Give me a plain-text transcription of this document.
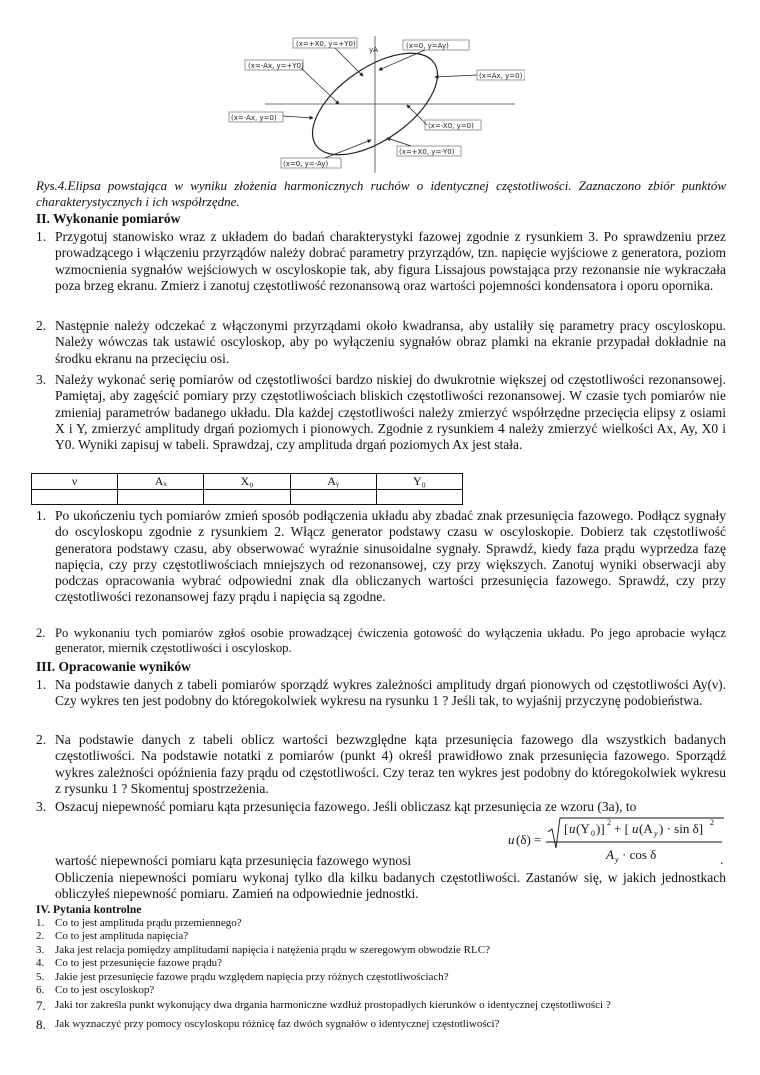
(x=+X0, y=+Y0)
yA	(x=0, y=Ay)
(x=-Ax, y=+Y0)
(x=Ax, y=0)
(x=-Ax, y=0)
(x=-X0, y=0)
(x=+X0, y=-Y0)
(x=0, y=-Ay)
Rys.4.Elipsa powstająca w wyniku złożenia harmonicznych ruchów o identycznej częstotliwości. Zaznaczono zbiór punktów charakterystycznych i ich współrzędne.
II. Wykonanie pomiarów
1. Przygotuj stanowisko wraz z układem do badań charakterystyki fazowej zgodnie z rysunkiem 3. Po sprawdzeniu przez prowadzącego i włączeniu przyrządów należy dobrać parametry przyrządów, tzn. napięcie wyjściowe z generatora, poziom wzmocnienia sygnałów wejściowych w oscyloskopie tak, aby figura Lissajous powstająca przy rezonansie nie wykraczała poza brzeg ekranu. Zmierz i zanotuj częstotliwość rezonansową oraz wartości pojemności kondensatora i oporu opornika.
2. Następnie należy odczekać z włączonymi przyrządami około kwadransa, aby ustaliły się parametry pracy oscyloskopu. Należy wówczas tak ustawić oscyloskop, aby po wyłączeniu sygnałów obraz plamki na ekranie przypadał dokładnie na środku ekranu na przecięciu osi.
3. Należy wykonać serię pomiarów od częstotliwości bardzo niskiej do dwukrotnie większej od częstotliwości rezonansowej. Pamiętaj, aby zagęścić pomiary przy częstotliwościach bliskich częstotliwości rezonansowej. W czasie tych pomiarów nie zmieniaj parametrów badanego układu. Dla każdej częstotliwości należy zmierzyć współrzędne przecięcia elipsy z osiami X i Y, zmierzyć amplitudy drgań poziomych i pionowych. Zgodnie z rysunkiem 4 należy zmierzyć wielkości Ax, Ay, X0 i Y0. Wyniki zapisuj w tabeli. Sprawdzaj, czy amplituda drgań poziomych Ax jest stała.
ν	Aₓ	X₀	Aᵧ	Y₀

1. Po ukończeniu tych pomiarów zmień sposób podłączenia układu aby zbadać znak przesunięcia fazowego. Podłącz sygnały do oscyloskopu zgodnie z rysunkiem 2. Włącz generator podstawy czasu w oscyloskopie. Dobierz tak częstotliwość generatora podstawy czasu, aby obserwować wyraźnie sinusoidalne sygnały. Sprawdź, kiedy faza prądu wyprzedza fazę napięcia, czy przy częstotliwościach mniejszych od rezonansowej, czy przy większych. Zanotuj wyniki obserwacji aby podczas opracowania wybrać odpowiedni znak dla obliczanych wartości przesunięcia fazowego. Sprawdź, czy przy częstotliwości rezonansowej fazy prądu i napięcia są zgodne.
2. Po wykonaniu tych pomiarów zgłoś osobie prowadzącej ćwiczenia gotowość do wyłączenia układu. Po jego aprobacie wyłącz generator, miernik częstotliwości i oscyloskop.
III. Opracowanie wyników
1. Na podstawie danych z tabeli pomiarów sporządź wykres zależności amplitudy drgań pionowych od częstotliwości Ay(ν). Czy wykres ten jest podobny do któregokolwiek wykresu na rysunku 1 ? Jeśli tak, to wyjaśnij przyczynę podobieństwa.
2. Na podstawie danych z tabeli oblicz wartości bezwzględne kąta przesunięcia fazowego dla wszystkich badanych częstotliwości. Na podstawie notatki z pomiarów (punkt 4) określ prawidłowo znak przesunięcia fazowego. Sporządź wykres zależności opóźnienia fazy prądu od częstotliwości. Czy teraz ten wykres jest podobny do któregokolwiek wykresu z rysunku 1 ? Skomentuj spostrzeżenia.
3. Oszacuj niepewność pomiaru kąta przesunięcia fazowego. Jeśli obliczasz kąt przesunięcia ze wzoru (3a), to
u (δ) =
[ u (Y 0 )] 2 + [ u (A y ) · sin δ] 2
A y · cos δ
wartość niepewności pomiaru kąta przesunięcia fazowego wynosi	.
Obliczenia niepewności pomiaru wykonaj tylko dla kilku badanych częstotliwości. Zastanów się, w jakich jednostkach obliczyłeś niepewność pomiaru. Zamień na odpowiednie jednostki.
IV. Pytania kontrolne
1. Co to jest amplituda prądu przemiennego?
2. Co to jest amplituda napięcia?
3. Jaka jest relacja pomiędzy amplitudami napięcia i natężenia prądu w szeregowym obwodzie RLC?
4. Co to jest przesunięcie fazowe prądu?
5. Jakie jest przesunięcie fazowe prądu względem napięcia przy różnych częstotliwościach?
6. Co to jest oscyloskop?
7. Jaki tor zakreśla punkt wykonujący dwa drgania harmoniczne wzdłuż prostopadłych kierunków o identycznej częstotliwości ?
8. Jak wyznaczyć przy pomocy oscyloskopu różnicę faz dwóch sygnałów o identycznej częstotliwości?
